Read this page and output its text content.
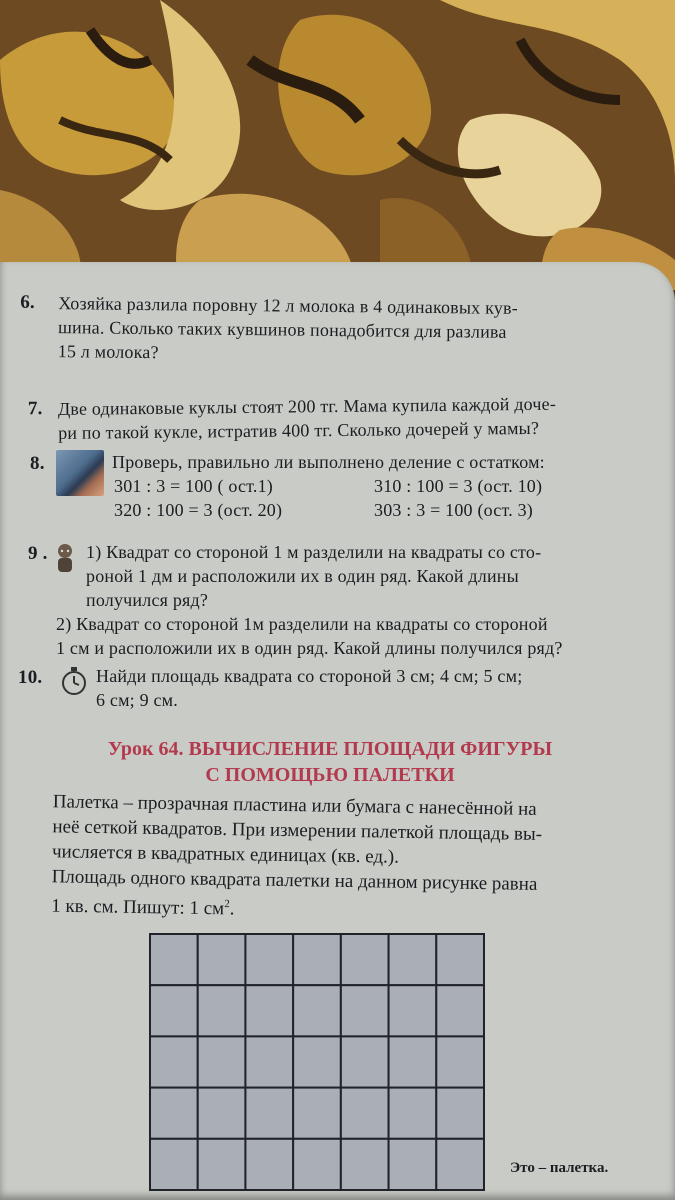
6. Хозяйка разлила поровну 12 л молока в 4 одинаковых кув-
шина. Сколько таких кувшинов понадобится для разлива
15 л молока?
7. Две одинаковые куклы стоят 200 тг. Мама купила каждой доче-
ри по такой кукле, истратив 400 тг. Сколько дочерей у мамы?
8.	Проверь, правильно ли выполнено деление с остатком:
301 : 3 = 100 ( ост.1)	310 : 100 = 3 (ост. 10)
320 : 100 = 3 (ост. 20)	303 : 3 = 100 (ост. 3)
9 . 1) Квадрат со стороной 1 м разделили на квадраты со сто-
роной 1 дм и расположили их в один ряд. Какой длины
получился ряд?
2) Квадрат со стороной 1м разделили на квадраты со стороной
1 см и расположили их в один ряд. Какой длины получился ряд?
10.	Найди площадь квадрата со стороной 3 см; 4 см; 5 см;
6 см; 9 см.
Урок 64. ВЫЧИСЛЕНИЕ ПЛОЩАДИ ФИГУРЫ
С ПОМОЩЬЮ ПАЛЕТКИ
Палетка – прозрачная пластина или бумага с нанесённой на
неё сеткой квадратов. При измерении палеткой площадь вы-
числяется в квадратных единицах (кв. ед.).
Площадь одного квадрата палетки на данном рисунке равна
1 кв. см. Пишут: 1 $см^2$.
Это – палетка.
